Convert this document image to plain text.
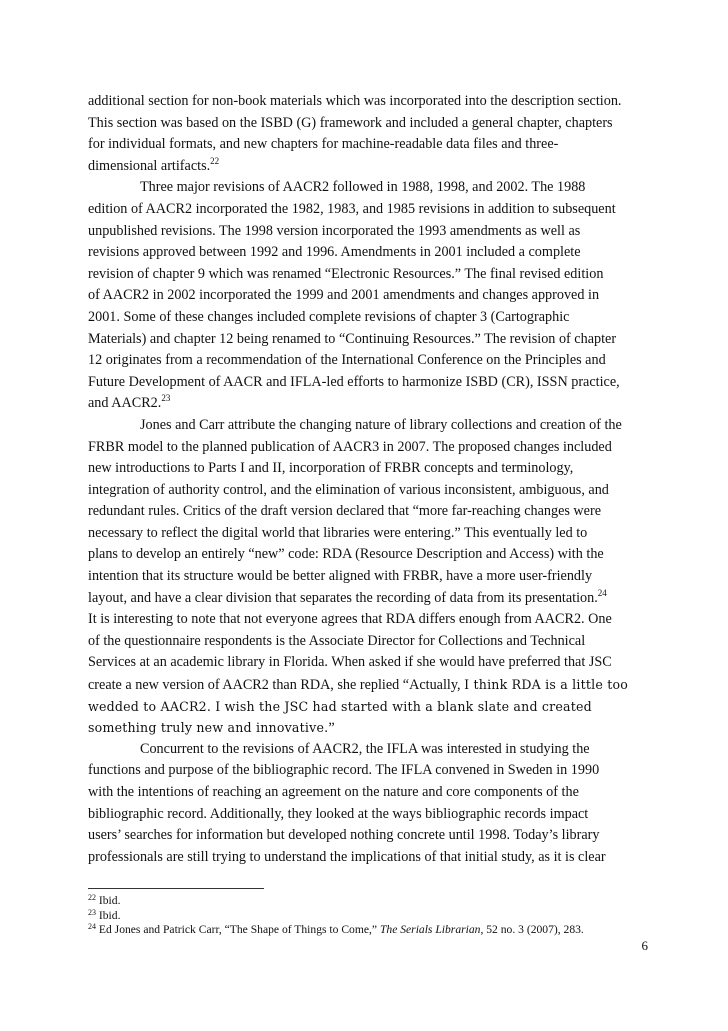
additional section for non-book materials which was incorporated into the description section.
This section was based on the ISBD (G) framework and included a general chapter, chapters
for individual formats, and new chapters for machine-readable data files and three-
dimensional artifacts.$^{22}$
Three major revisions of AACR2 followed in 1988, 1998, and 2002. The 1988
edition of AACR2 incorporated the 1982, 1983, and 1985 revisions in addition to subsequent
unpublished revisions. The 1998 version incorporated the 1993 amendments as well as
revisions approved between 1992 and 1996. Amendments in 2001 included a complete
revision of chapter 9 which was renamed “Electronic Resources.” The final revised edition
of AACR2 in 2002 incorporated the 1999 and 2001 amendments and changes approved in
2001. Some of these changes included complete revisions of chapter 3 (Cartographic
Materials) and chapter 12 being renamed to “Continuing Resources.” The revision of chapter
12 originates from a recommendation of the International Conference on the Principles and
Future Development of AACR and IFLA-led efforts to harmonize ISBD (CR), ISSN practice,
and AACR2.23
Jones and Carr attribute the changing nature of library collections and creation of the
FRBR model to the planned publication of AACR3 in 2007. The proposed changes included
new introductions to Parts I and II, incorporation of FRBR concepts and terminology,
integration of authority control, and the elimination of various inconsistent, ambiguous, and
redundant rules. Critics of the draft version declared that “more far-reaching changes were
necessary to reflect the digital world that libraries were entering.” This eventually led to
plans to develop an entirely “new” code: RDA (Resource Description and Access) with the
intention that its structure would be better aligned with FRBR, have a more user-friendly
layout, and have a clear division that separates the recording of data from its presentation.$^{24}$
It is interesting to note that not everyone agrees that RDA differs enough from AACR2. One
of the questionnaire respondents is the Associate Director for Collections and Technical
Services at an academic library in Florida. When asked if she would have preferred that JSC
create a new version of AACR2 than RDA, she replied “Actually, I think RDA is a little too
wedded to AACR2. I wish the JSC had started with a blank slate and created
something truly new and innovative.”
Concurrent to the revisions of AACR2, the IFLA was interested in studying the
functions and purpose of the bibliographic record. The IFLA convened in Sweden in 1990
with the intentions of reaching an agreement on the nature and core components of the
bibliographic record. Additionally, they looked at the ways bibliographic records impact
users’ searches for information but developed nothing concrete until 1998. Today’s library
professionals are still trying to understand the implications of that initial study, as it is clear
$^{22}$ Ibid.
$^{23}$ Ibid.
$^{24}$ Ed Jones and Patrick Carr, “The Shape of Things to Come,” The Serials Librarian, 52 no. 3 (2007), 283.
6
